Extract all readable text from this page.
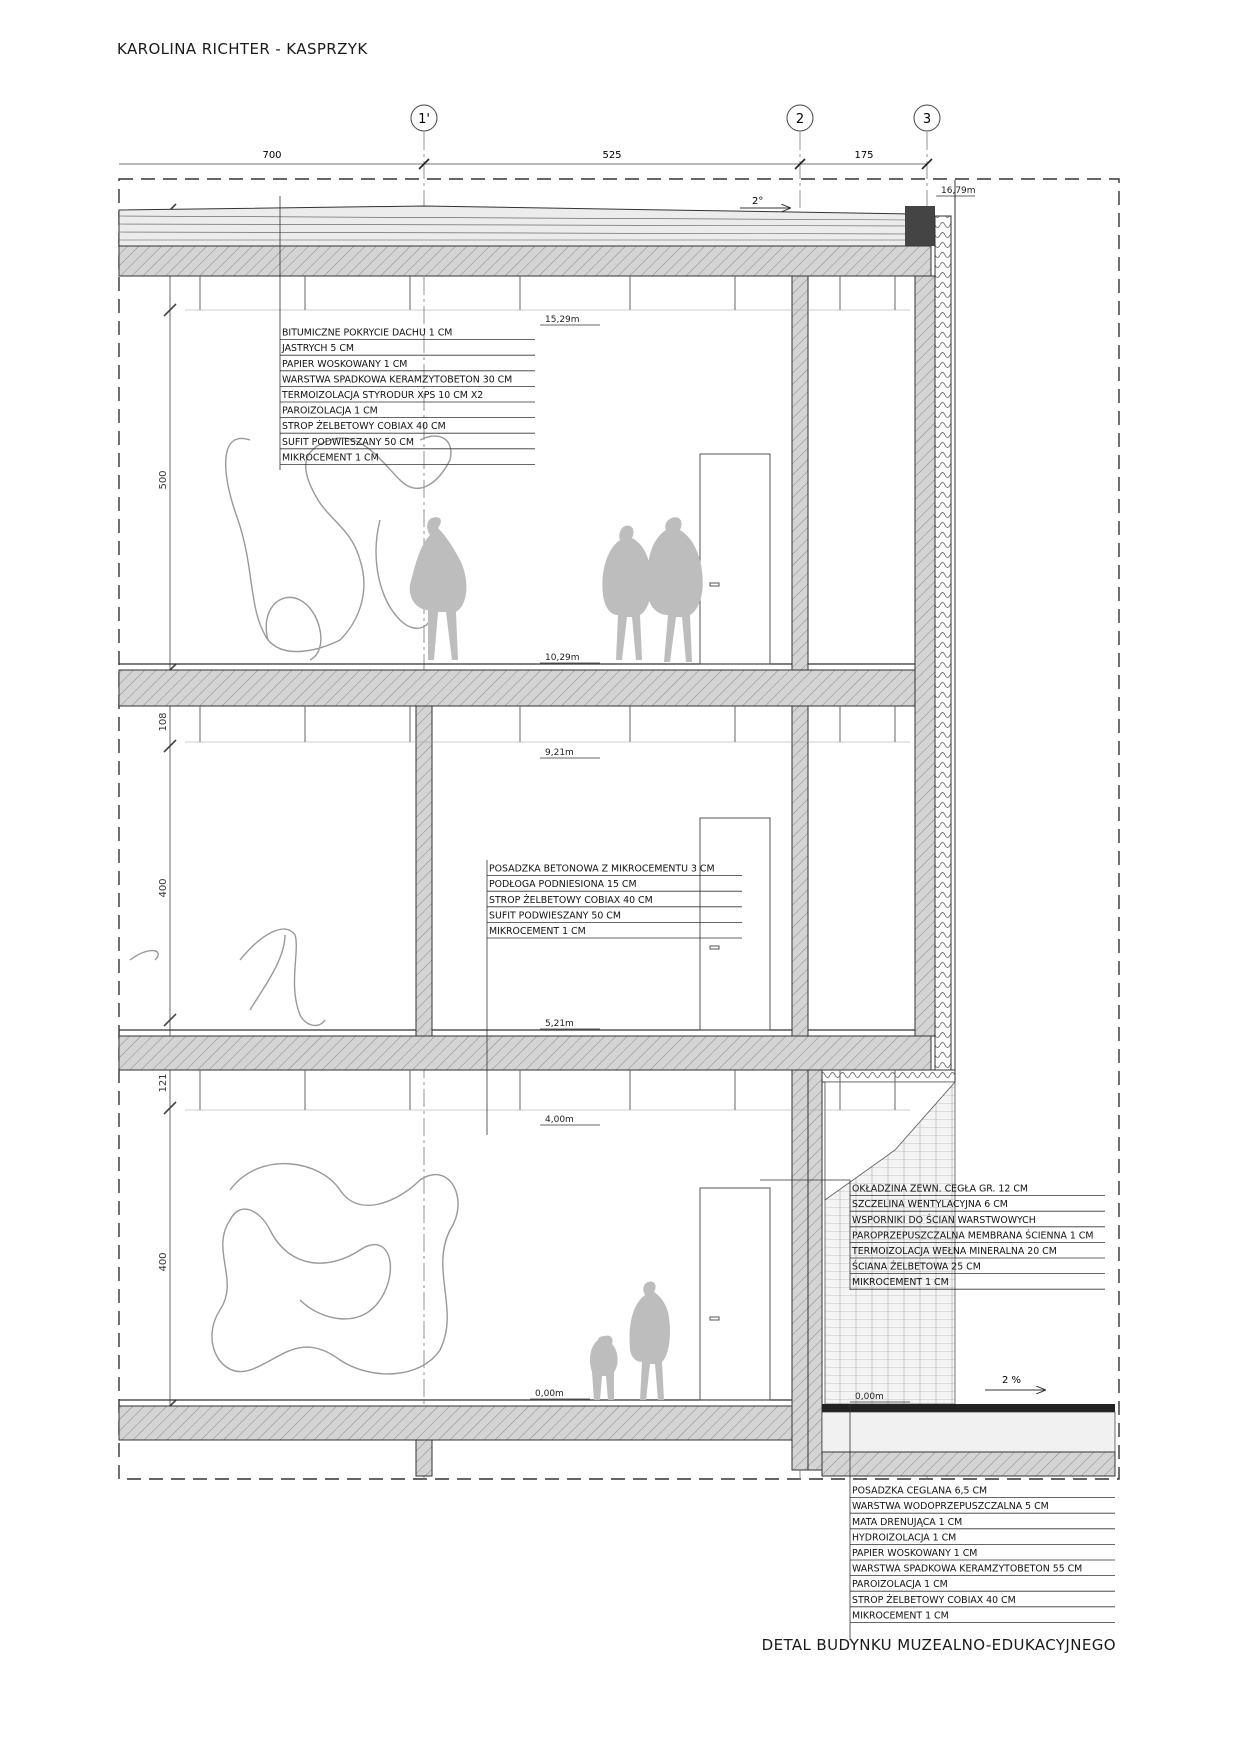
KAROLINA RICHTER - KASPRZYK
1'	2	3
700	525	175
500
108
400
121
400
2°
2 %
16,79m
15,29m
10,29m
9,21m
5,21m
4,00m
0,00m	0,00m
BITUMICZNE POKRYCIE DACHU 1 CM
JASTRYCH 5 CM
PAPIER WOSKOWANY 1 CM
WARSTWA SPADKOWA KERAMZYTOBETON 30 CM
TERMOIZOLACJA STYRODUR XPS 10 CM X2
PAROIZOLACJA 1 CM
STROP ŻELBETOWY COBIAX 40 CM
SUFIT PODWIESZANY 50 CM
MIKROCEMENT 1 CM
POSADZKA BETONOWA Z MIKROCEMENTU 3 CM
PODŁOGA PODNIESIONA 15 CM
STROP ŻELBETOWY COBIAX 40 CM
SUFIT PODWIESZANY 50 CM
MIKROCEMENT 1 CM
OKŁADZINA ZEWN. CEGŁA GR. 12 CM
SZCZELINA WENTYLACYJNA 6 CM
WSPORNIKI DO ŚCIAN WARSTWOWYCH
PAROPRZEPUSZCZALNA MEMBRANA ŚCIENNA 1 CM
TERMOIZOLACJA WEŁNA MINERALNA 20 CM
ŚCIANA ŻELBETOWA 25 CM
MIKROCEMENT 1 CM
POSADZKA CEGLANA 6,5 CM
WARSTWA WODOPRZEPUSZCZALNA 5 CM
MATA DRENUJĄCA 1 CM
HYDROIZOLACJA 1 CM
PAPIER WOSKOWANY 1 CM
WARSTWA SPADKOWA KERAMZYTOBETON 55 CM
PAROIZOLACJA 1 CM
STROP ŻELBETOWY COBIAX 40 CM
MIKROCEMENT 1 CM
DETAL BUDYNKU MUZEALNO-EDUKACYJNEGO
